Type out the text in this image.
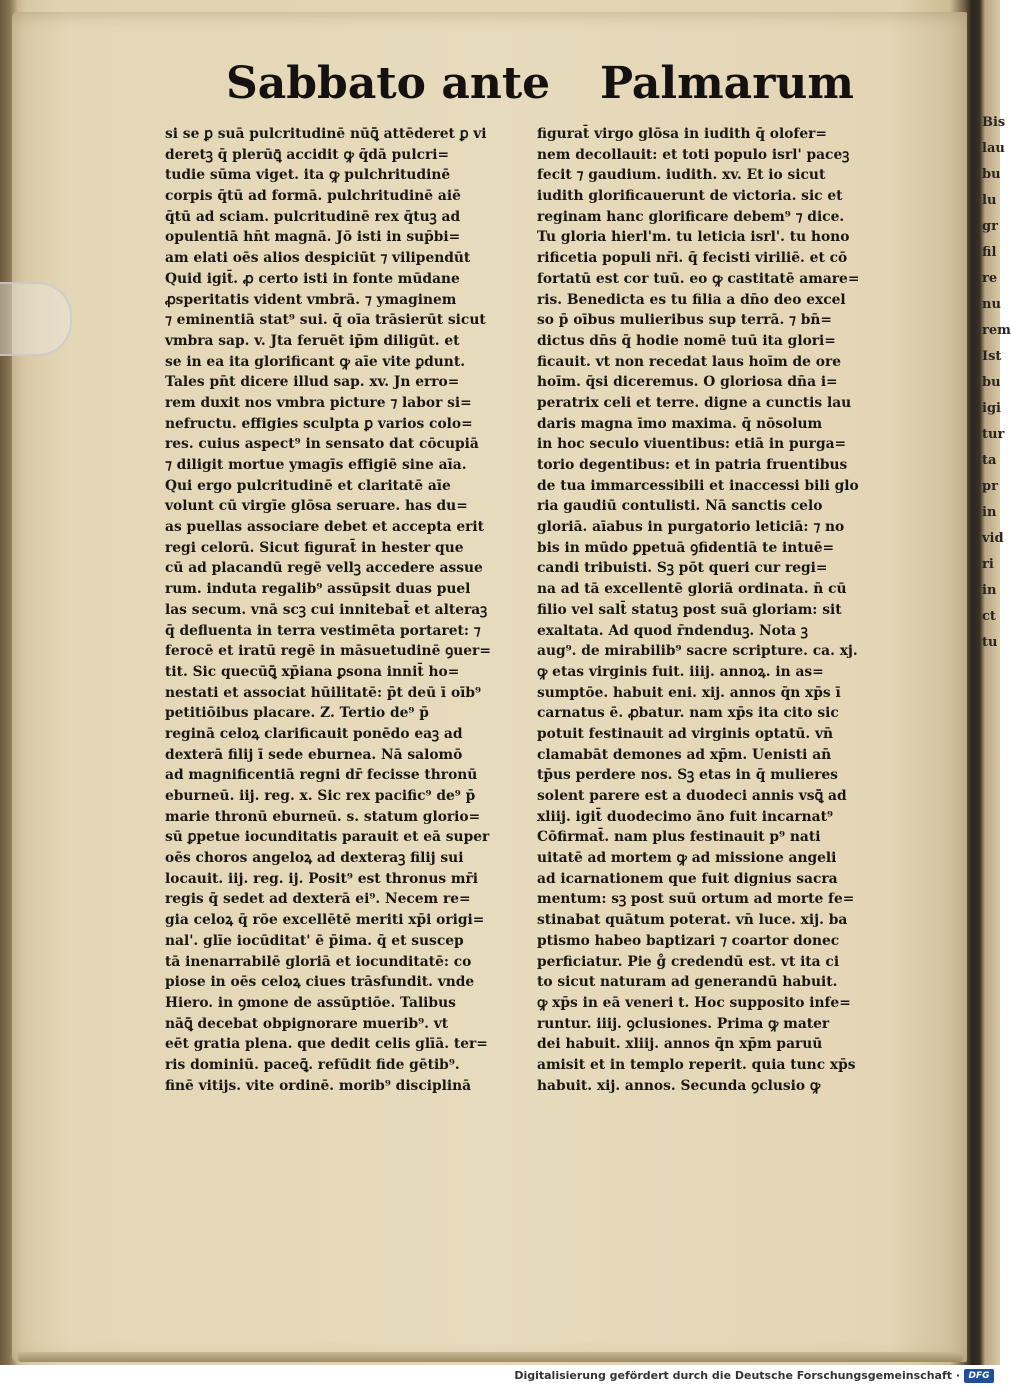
Sabbato ante Palmarum
si se ꝑ suā pulcritudinē nūꝗ̄ attēderet ꝑ vi
deretꝫ q̄ plerūꝗ̄ accidit ꝙ q̄dā pulcri=
tudie sūma viget. ita ꝙ pulchritudinē
corpis q̄tū ad formā. pulchritudinē aiē
q̄tū ad sciam. pulcritudinē rex q̄tuꝫ ad
opulentiā hn̄t magnā. Jō isti in sup̄bi=
am elati oēs alios despiciūt ⁊ vilipendūt
Quid igit̄. ꝓ certo isti in fonte mūdane
ꝓsperitatis vident vmbrā. ⁊ ymaginem
⁊ eminentiā stat⁹ sui. q̄ oīa trāsierūt sicut
vmbra sap. v. Jta feruēt ip̄m diligūt. et
se in ea ita glorificant ꝙ aīe vite ꝑdunt.
Tales pn̄t dicere illud sap. xv. Jn erro=
rem duxit nos vmbra picture ⁊ labor si=
nefructu. effigies sculpta ꝑ varios colo=
res. cuius aspect⁹ in sensato dat cōcupiā
⁊ diligit mortue ymagīs effigiē sine aīa.
Qui ergo pulcritudinē et claritatē aīe
volunt cū virgīe glōsa seruare. has du=
as puellas associare debet et accepta erit
regi celorū. Sicut figurat̄ in hester que
cū ad placandū regē vellꝫ accedere assue
rum. induta regalib⁹ assūpsit duas puel
las secum. vnā scꝫ cui innitebat̄ et alteraꝫ
q̄ defluenta in terra vestimēta portaret: ⁊
ferocē et iratū regē in māsuetudinē ꝯuer=
tit. Sic quecūꝗ̄ xp̄iana ꝑsona innit̄ ho=
nestati et associat hūilitatē: p̄t deū ī oīb⁹
petitiōibus placare. Z. Tertio de⁹ p̄
reginā celoꝝ clarificauit ponēdo eaꝫ ad
dexterā filij ī sede eburnea. Nā salomō
ad magnificentiā regni dr̄ fecisse thronū
eburneū. iij. reg. x. Sic rex pacific⁹ de⁹ p̄
marie thronū eburneū. s. statum glorio=
sū ꝑpetue iocunditatis parauit et eā super
oēs choros angeloꝝ ad dexteraꝫ filij sui
locauit. iij. reg. ij. Posit⁹ est thronus mr̄i
regis q̄ sedet ad dexterā ei⁹. Necem re=
gia celoꝝ q̄ rōe excellētē meriti xp̄i origi=
nal'. glīe iocūditat' ē p̄ima. q̄ et suscep
tā inenarrabilē gloriā et iocunditatē: co
piose in oēs celoꝝ ciues trāsfundit. vnde
Hiero. in ꝯmone de assūptiōe. Talibus
nāꝗ̄ decebat obpignorare muerib⁹. vt
eēt gratia plena. que dedit celis glīā. ter=
ris dominiū. paceꝗ̄. refūdit fide gētib⁹.
finē vitijs. vite ordinē. morib⁹ disciplinā
figurat̄ virgo glōsa in iudith q̄ olofer=
nem decollauit: et toti populo isrl' paceꝫ
fecit ⁊ gaudium. iudith. xv. Et io sicut
iudith glorificauerunt de victoria. sic et
reginam hanc glorificare debem⁹ ⁊ dice.
Tu gloria hierl'm. tu leticia isrl'. tu hono
rificetia populi nr̄i. q̄ fecisti viriliē. et cō
fortatū est cor tuū. eo ꝙ castitatē amare=
ris. Benedicta es tu filia a dn̄o deo excel
so p̄ oībus mulieribus sup terrā. ⁊ bn̄=
dictus dn̄s q̄ hodie nomē tuū ita glori=
ficauit. vt non recedat laus hoīm de ore
hoīm. q̄si diceremus. O gloriosa dn̄a i=
peratrix celi et terre. digne a cunctis lau
daris magna īmo maxima. q̄ nōsolum
in hoc seculo viuentibus: etiā in purga=
torio degentibus: et in patria fruentibus
de tua immarcessibili et inaccessi bili glo
ria gaudiū contulisti. Nā sanctis celo
gloriā. aīabus in purgatorio leticiā: ⁊ no
bis in mūdo ꝑpetuā ꝯfidentiā te intuē=
candi tribuisti. Sꝫ pōt queri cur regi=
na ad tā excellentē gloriā ordinata. n̄ cū
filio vel salt̄ statuꝫ post suā gloriam: sit
exaltata. Ad quod r̄ndenduꝫ. Nota ꝫ
aug⁹. de mirabilib⁹ sacre scripture. ca. xj.
ꝙ etas virginis fuit. iiij. annoꝝ. in as=
sumptōe. habuit eni. xij. annos q̄n xp̄s ī
carnatus ē. ꝓbatur. nam xp̄s ita cito sic
potuit festinauit ad virginis optatū. vn̄
clamabāt demones ad xp̄m. Uenisti an̄
tp̄us perdere nos. Sꝫ etas in q̄ mulieres
solent parere est a duodeci annis vsꝗ̄ ad
xliij. igit̄ duodecimo āno fuit incarnat⁹
Cōfirmat̄. nam plus festinauit p⁹ nati
uitatē ad mortem ꝙ ad missione angeli
ad icarnationem que fuit dignius sacra
mentum: sꝫ post suū ortum ad morte fe=
stinabat quātum poterat. vn̄ luce. xij. ba
ptismo habeo baptizari ⁊ coartor donec
perficiatur. Pie g̊ credendū est. vt ita ci
to sicut naturam ad generandū habuit.
ꝙ xp̄s in eā veneri t. Hoc supposito infe=
runtur. iiij. ꝯclusiones. Prima ꝙ mater
dei habuit. xliij. annos q̄n xp̄m paruū
amisit et in templo reperit. quia tunc xp̄s
habuit. xij. annos. Secunda ꝯclusio ꝙ
Bis
lau
bu
lu
gr
fil
re
nu
rem
Ist
bu
igi
tur
ta
pr
in
vid
ri
in
ct
tu
Digitalisierung gefördert durch die Deutsche Forschungsgemeinschaft · DFG
